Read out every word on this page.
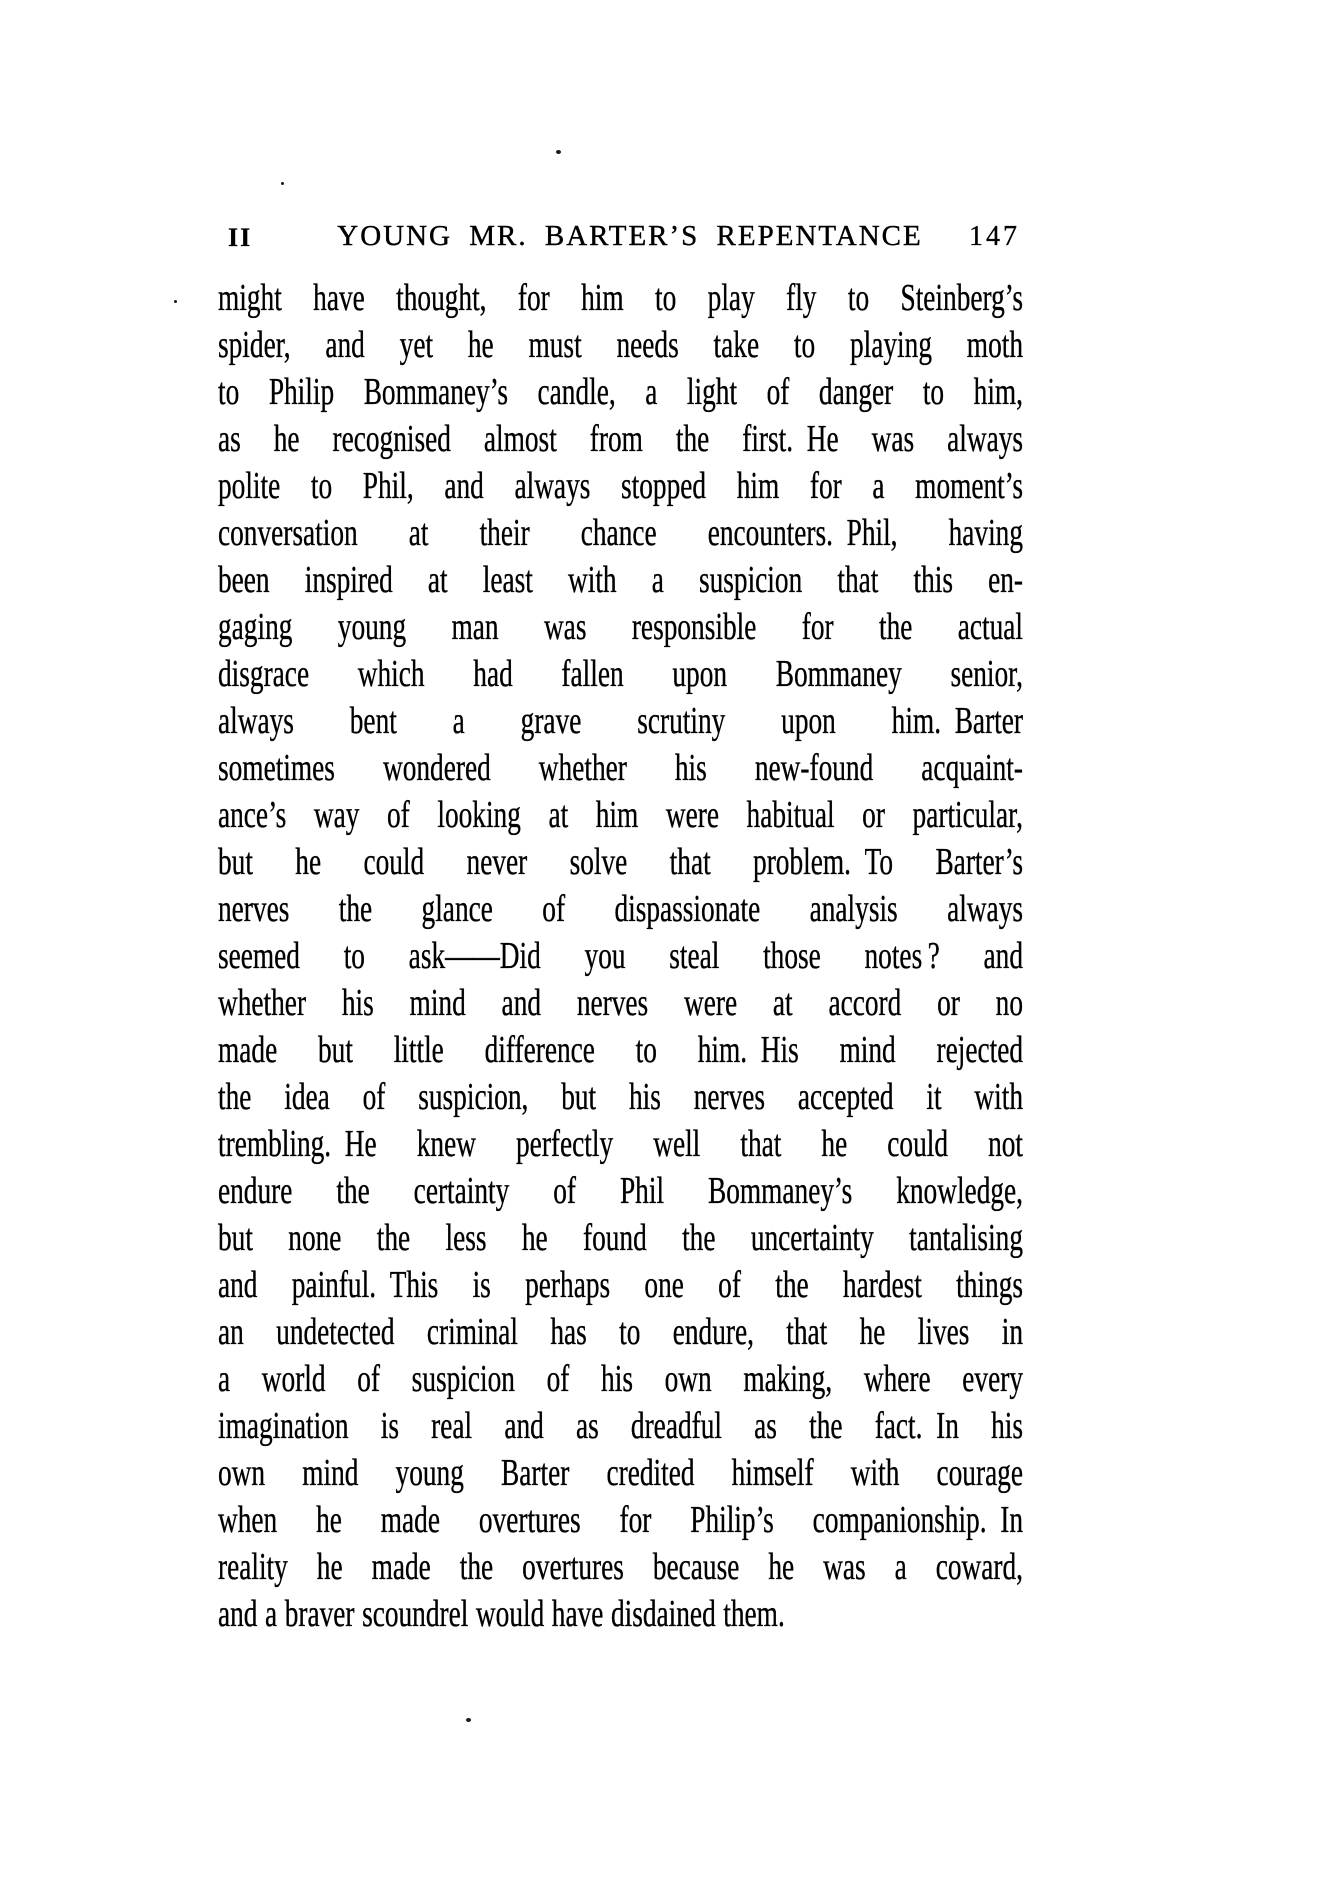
II	YOUNG MR. BARTER’S REPENTANCE	147
might have thought, for him to play fly to Steinberg’s
spider, and yet he must needs take to playing moth
to Philip Bommaney’s candle, a light of danger to him,
as he recognised almost from the first. He was always
polite to Phil, and always stopped him for a moment’s
conversation at their chance encounters. Phil, having
been inspired at least with a suspicion that this en-
gaging young man was responsible for the actual
disgrace which had fallen upon Bommaney senior,
always bent a grave scrutiny upon him. Barter
sometimes wondered whether his new-found acquaint-
ance’s way of looking at him were habitual or particular,
but he could never solve that problem. To Barter’s
nerves the glance of dispassionate analysis always
seemed to ask——Did you steal those notes ? and
whether his mind and nerves were at accord or no
made but little difference to him. His mind rejected
the idea of suspicion, but his nerves accepted it with
trembling. He knew perfectly well that he could not
endure the certainty of Phil Bommaney’s knowledge,
but none the less he found the uncertainty tantalising
and painful. This is perhaps one of the hardest things
an undetected criminal has to endure, that he lives in
a world of suspicion of his own making, where every
imagination is real and as dreadful as the fact. In his
own mind young Barter credited himself with courage
when he made overtures for Philip’s companionship. In
reality he made the overtures because he was a coward,
and a braver scoundrel would have disdained them.
